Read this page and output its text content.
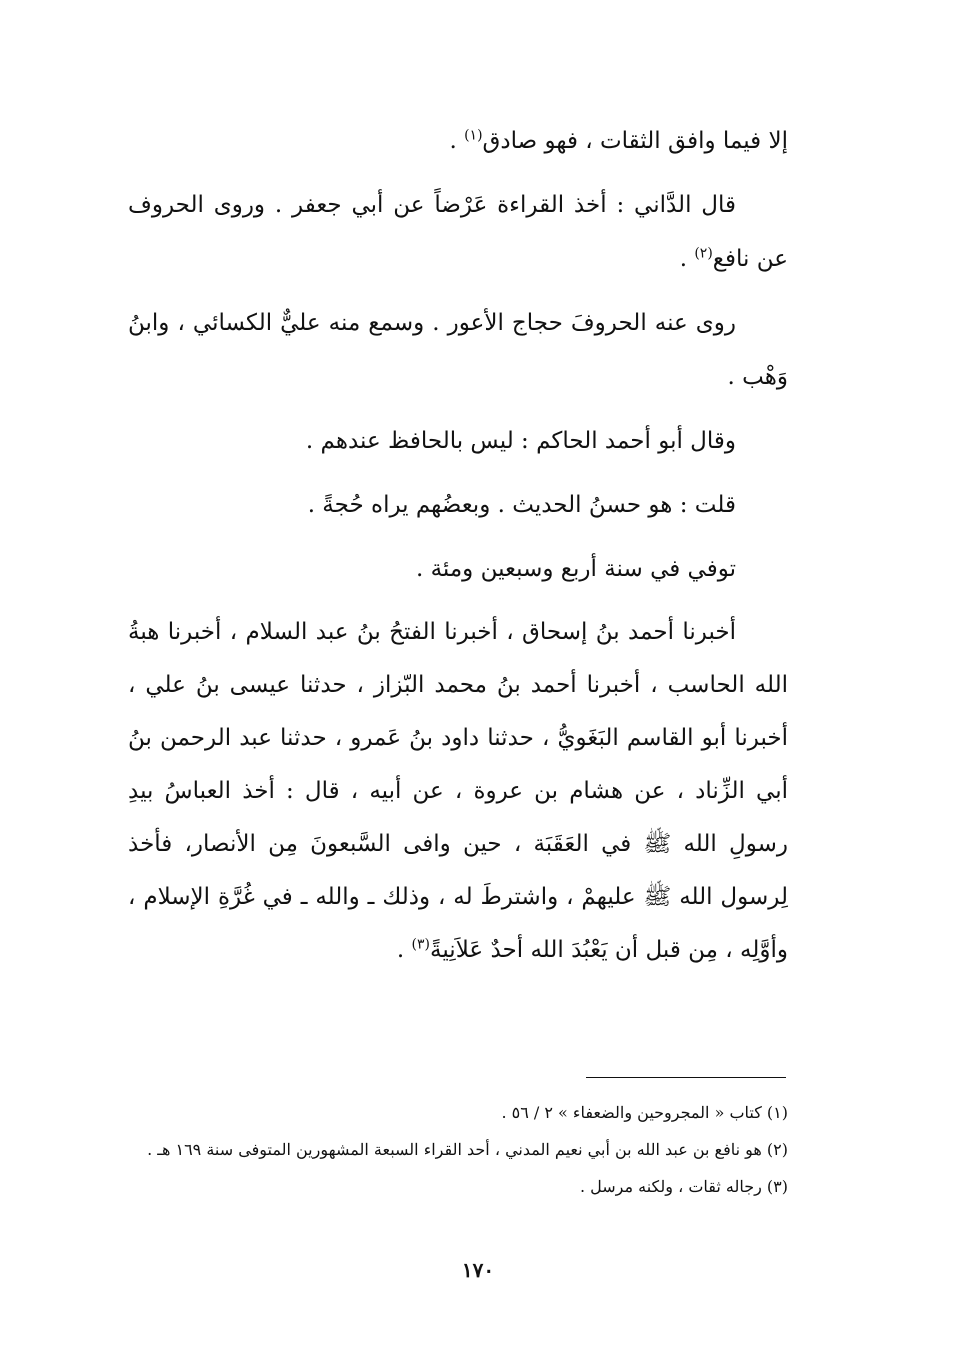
إلا فيما وافق الثقات ، فهو صادق$^{(١)}$ .

قال الدَّاني : أخذ القراءة عَرْضاً عن أبي جعفر . وروى الحروف عن نافع$^{(٢)}$ .

روى عنه الحروفَ حجاج الأعور . وسمع منه عليٌّ الكسائي ، وابنُ وَهْب .

وقال أبو أحمد الحاكم : ليس بالحافظ عندهم .

قلت : هو حسنُ الحديث . وبعضُهم يراه حُجةً .

توفي في سنة أربع وسبعين ومئة .

أخبرنا أحمد بنُ إسحاق ، أخبرنا الفتحُ بنُ عبد السلام ، أخبرنا هبةُ الله الحاسب ، أخبرنا أحمد بنُ محمد البّزاز ، حدثنا عيسى بنُ علي ، أخبرنا أبو القاسم البَغَويُّ ، حدثنا داود بنُ عَمرو ، حدثنا عبد الرحمن بنُ أبي الزِّناد ، عن هشام بن عروة ، عن أبيه ، قال : أخذ العباسُ بيدِ رسولِ الله ﷺ في العَقَبَة ، حين وافى السَّبعونَ مِن الأنصار، فأخذ لِرسول الله ﷺ عليهمْ ، واشترطَ له ، وذلك ـ والله ـ في غُرَّةِ الإسلام ، وأوَّلِه ، مِن قبل أن يَعْبُدَ الله أحدٌ عَلاَنِيةً$^{(٣)}$ .

(١) كتاب « المجروحين والضعفاء » ٢ / ٥٦ .

(٢) هو نافع بن عبد الله بن أبي نعيم المدني ، أحد القراء السبعة المشهورين المتوفى سنة ١٦٩ هـ .

(٣) رجاله ثقات ، ولكنه مرسل .

١٧٠
